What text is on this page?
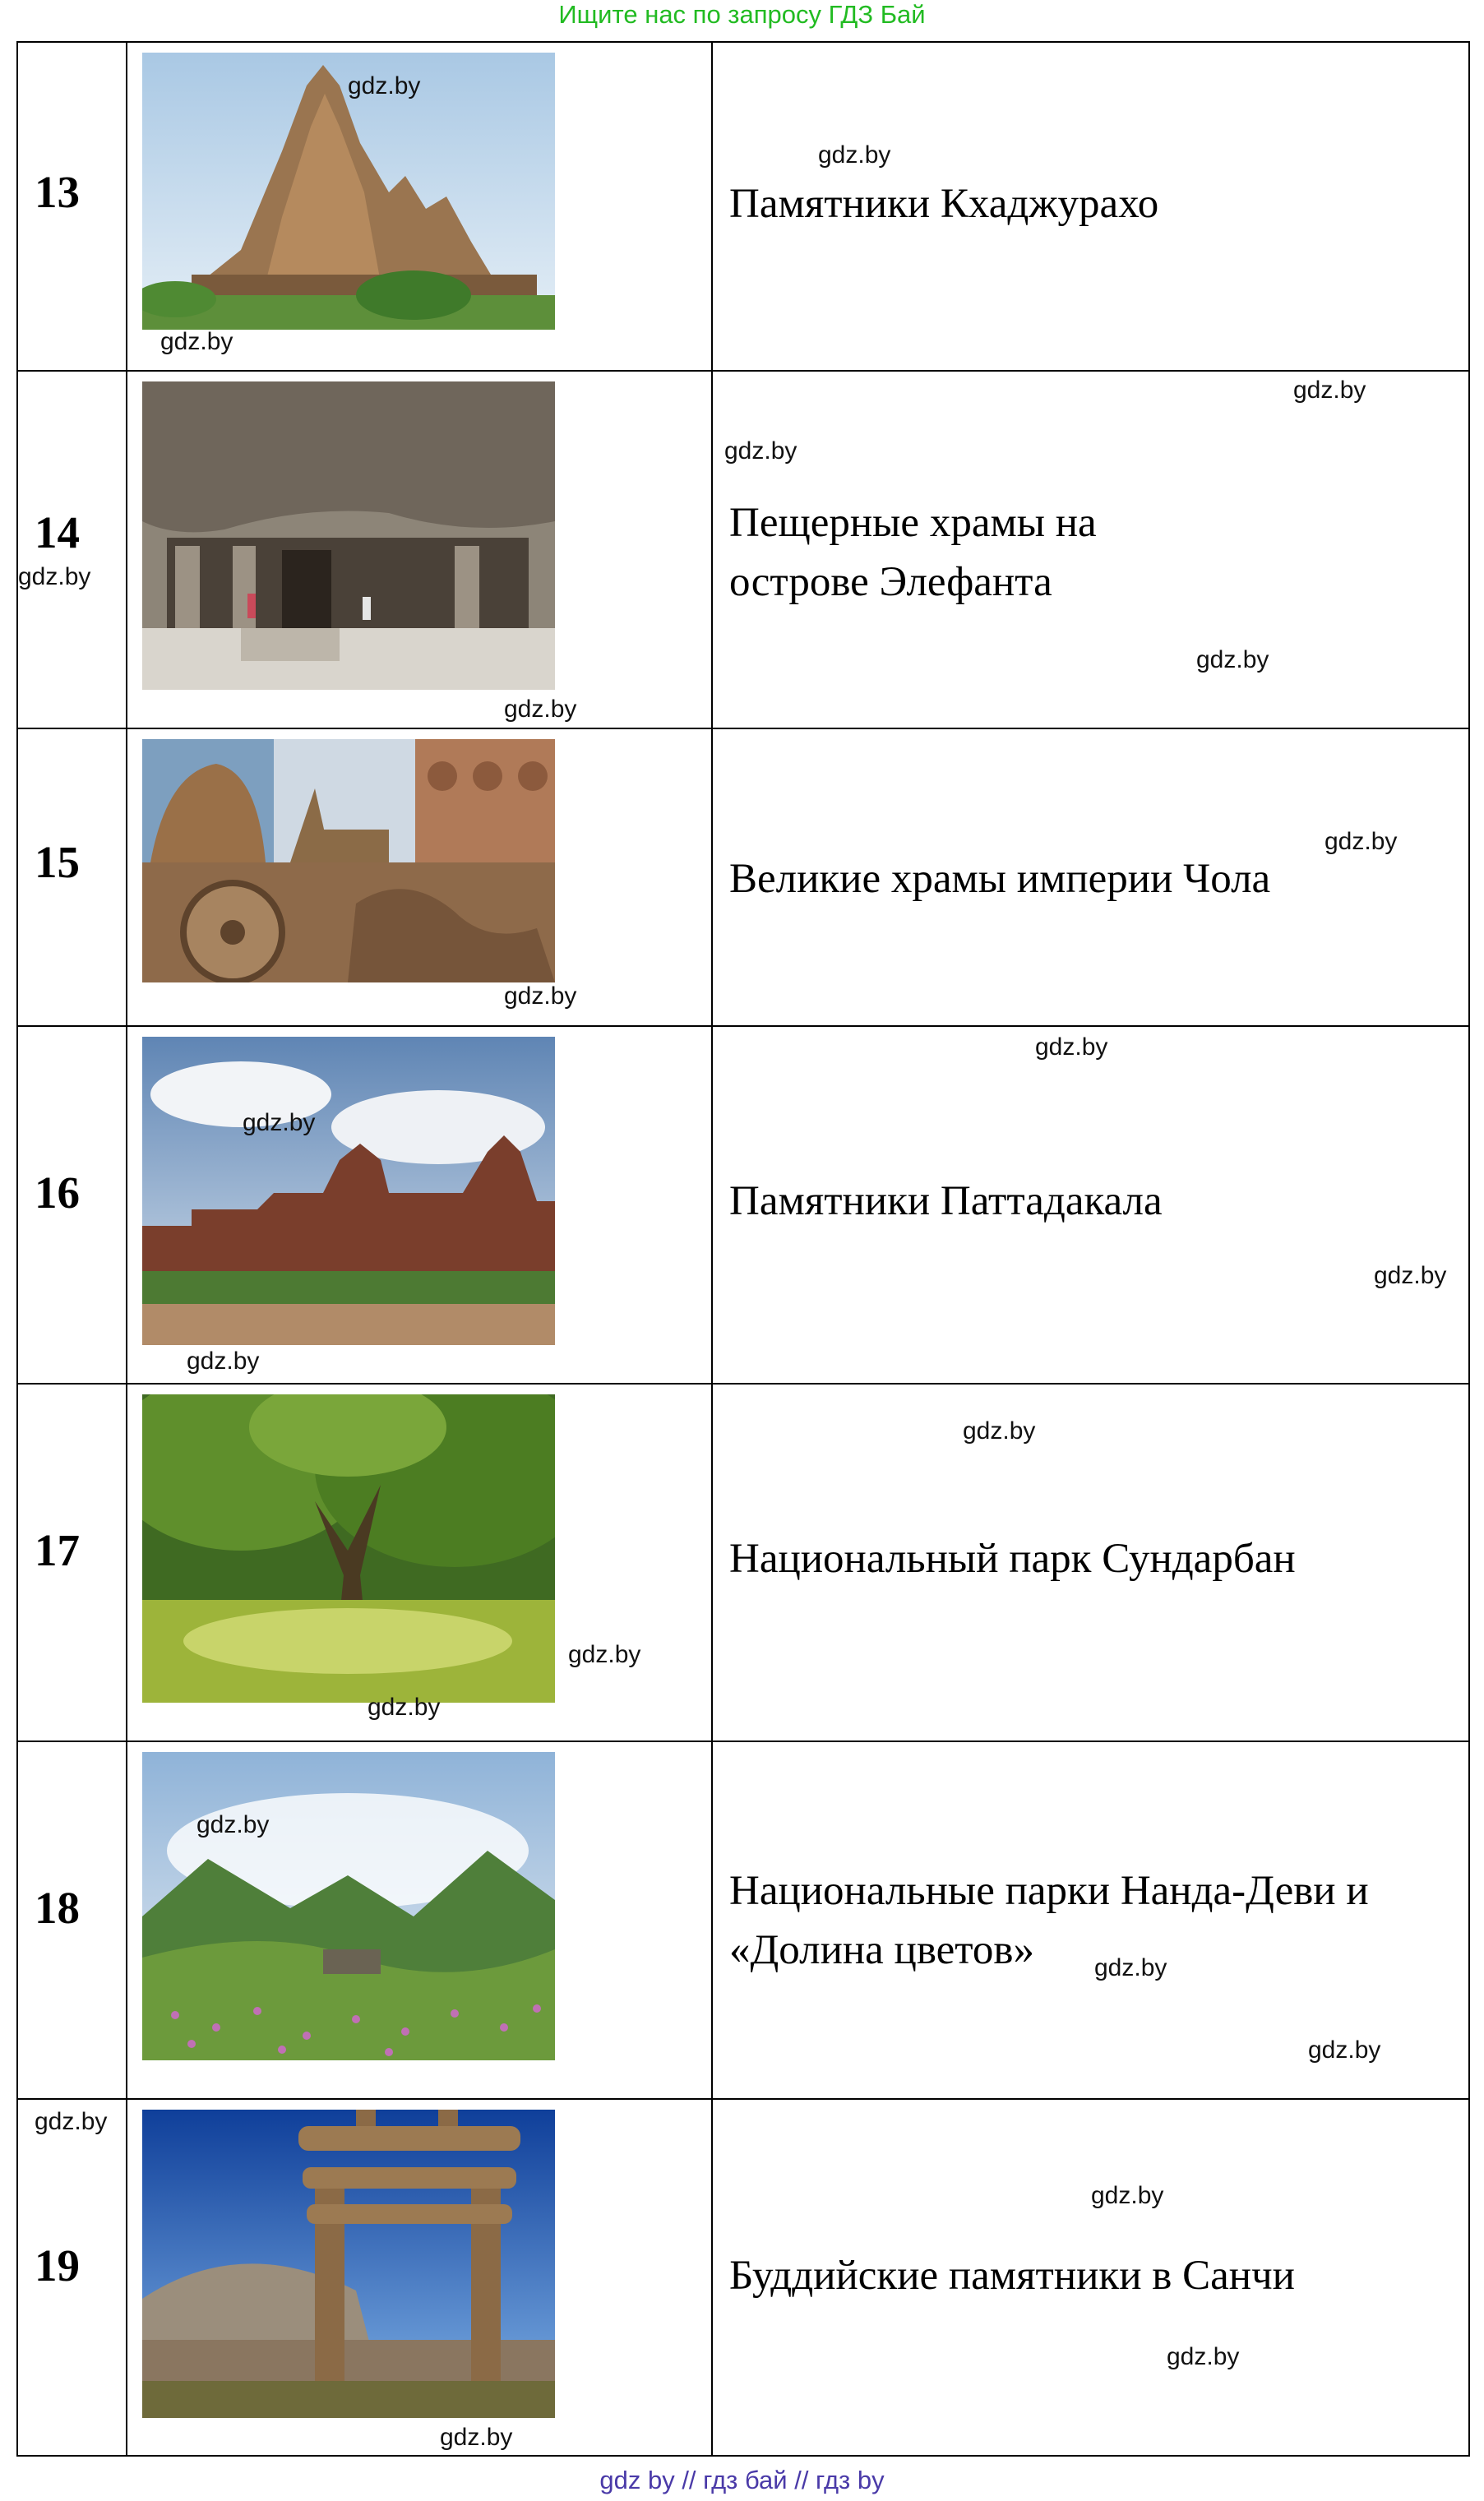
Ищите нас по запросу ГДЗ Бай
13
gdz.by
gdz.by
gdz.by
Памятники Кхаджурахо
14
gdz.by
gdz.by
gdz.by
gdz.by
Пещерные храмы на
острове Элефанта
gdz.by
15
gdz.by
gdz.by
Великие храмы империи Чола
16
gdz.by
gdz.by
gdz.by
Памятники Паттадакала
gdz.by
17
gdz.by
gdz.by
gdz.by
Национальный парк Сундарбан
18
gdz.by
Национальные парки Нанда-Деви и
«Долина цветов»	gdz.by
gdz.by
gdz.by
19
gdz.by
gdz.by
Буддийские памятники в Санчи
gdz.by
gdz by // гдз бай // гдз by
